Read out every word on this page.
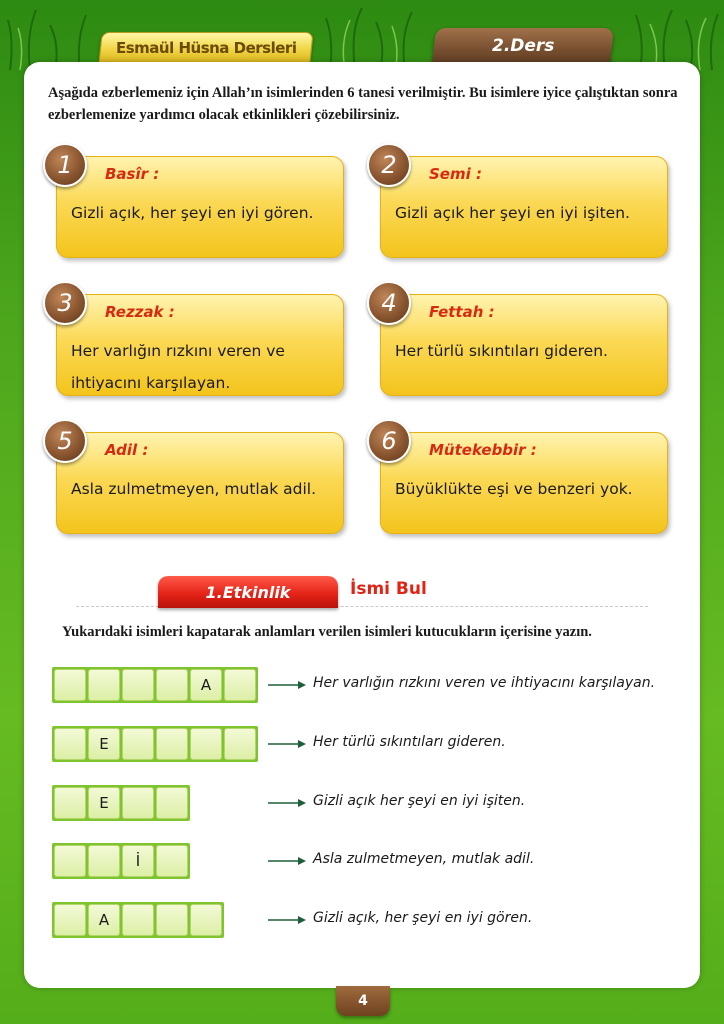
Esmaül Hüsna Dersleri	2.Ders

Aşağıda ezberlemeniz için Allah’ın isimlerinden 6 tanesi verilmiştir. Bu isimlere iyice çalıştıktan sonra ezberlemenize yardımcı olacak etkinlikleri çözebilirsiniz.

1	Basîr :
Gizli açık, her şeyi en iyi gören.
2	Semi :
Gizli açık her şeyi en iyi işiten.
3	Rezzak :
Her varlığın rızkını veren ve ihtiyacını karşılayan.
4	Fettah :
Her türlü sıkıntıları gideren.
5	Adil :
Asla zulmetmeyen, mutlak adil.
6	Mütekebbir :
Büyüklükte eşi ve benzeri yok.
1.Etkinlik	İsmi Bul

Yukarıdaki isimleri kapatarak anlamları verilen isimleri kutucukların içerisine yazın.

A	Her varlığın rızkını veren ve ihtiyacını karşılayan.
E	Her türlü sıkıntıları gideren.
E	Gizli açık her şeyi en iyi işiten.
İ	Asla zulmetmeyen, mutlak adil.
A	Gizli açık, her şeyi en iyi gören.
4
